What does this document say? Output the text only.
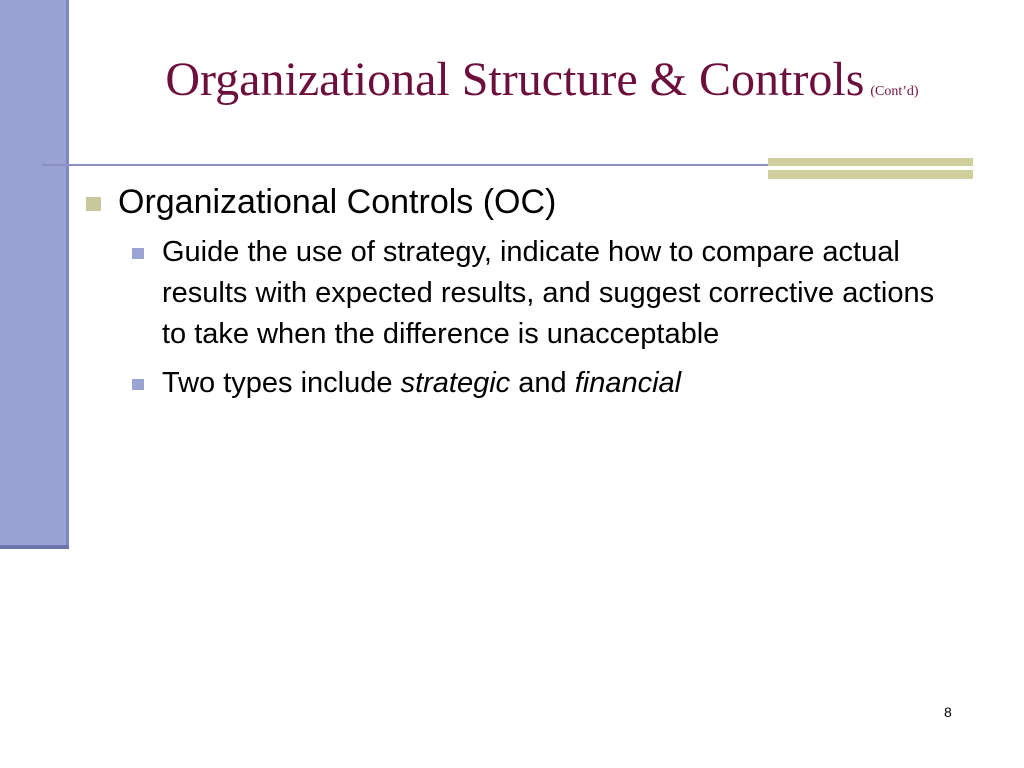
Organizational Structure & Controls (Cont’d)
Organizational Controls (OC)
Guide the use of strategy, indicate how to compare actual results with expected results, and suggest corrective actions to take when the difference is unacceptable
Two types include strategic and financial
8
